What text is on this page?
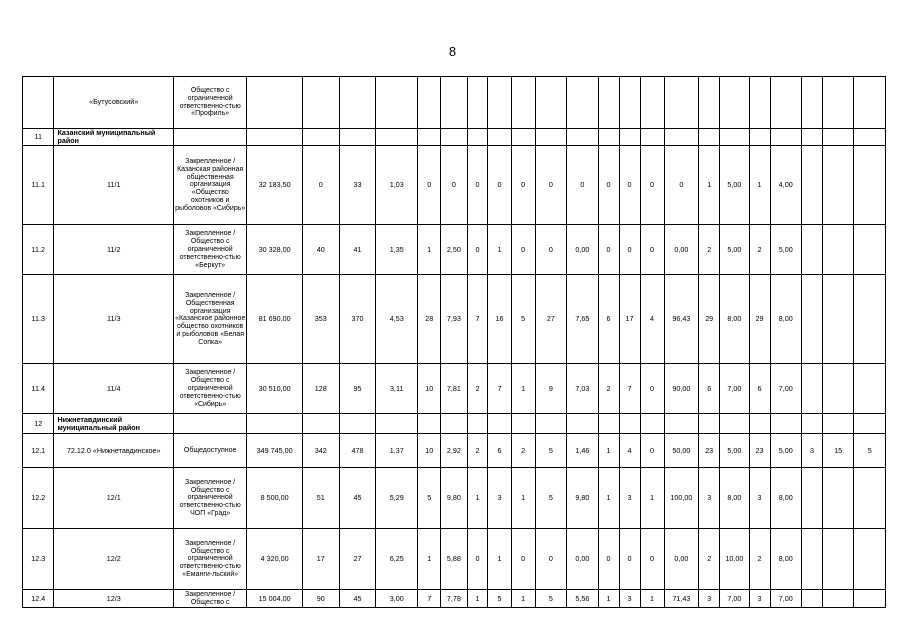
8
	«Бутусовский»	Общество с ограниченной ответственно-стью «Профиль»																						
11	Казанский муниципальный район																							
11.1	11/1	Закрепленное / Казанская районная общественная организация «Общество охотников и рыболовов «Сибирь»	32 183,50	0	33	1,03	0	0	0	0	0	0	0	0	0	0	0	1	5,00	1	4,00			
11.2	11/2	Закрепленное / Общество с ограниченной ответственно-стью «Беркут»	30 328,00	40	41	1,35	1	2,50	0	1	0	0	0,00	0	0	0	0,00	2	5,00	2	5,00			
11.3	11/3	Закрепленное / Общественная организация «Казанское районное общество охотников и рыболовов «Белая Сопка»	81 690,00	353	370	4,53	28	7,93	7	16	5	27	7,65	6	17	4	96,43	29	8,00	29	8,00			
11.4	11/4	Закрепленное / Общество с ограниченной ответственно-стью «Сибирь»	30 510,00	128	95	3,11	10	7,81	2	7	1	9	7,03	2	7	0	90,00	6	7,00	6	7,00			
12	Нижнетавдинский муниципальный район																							
12.1	72.12.0 «Нижнетавдинское»	Общедоступное	349 745,00	342	478	1,37	10	2,92	2	6	2	5	1,46	1	4	0	50,00	23	5,00	23	5,00	3	15	5
12.2	12/1	Закрепленное / Общество с ограниченной ответственно-стью ЧОП «Град»	8 500,00	51	45	5,29	5	9,80	1	3	1	5	9,80	1	3	1	100,00	3	8,00	3	8,00			
12.3	12/2	Закрепленное / Общество с ограниченной ответственно-стью «Еманги-льский»	4 320,00	17	27	6,25	1	5,88	0	1	0	0	0,00	0	0	0	0,00	2	10,00	2	8,00			
12.4	12/3	Закрепленное / Общество с	15 004,00	90	45	3,00	7	7,78	1	5	1	5	5,56	1	3	1	71,43	3	7,00	3	7,00			
